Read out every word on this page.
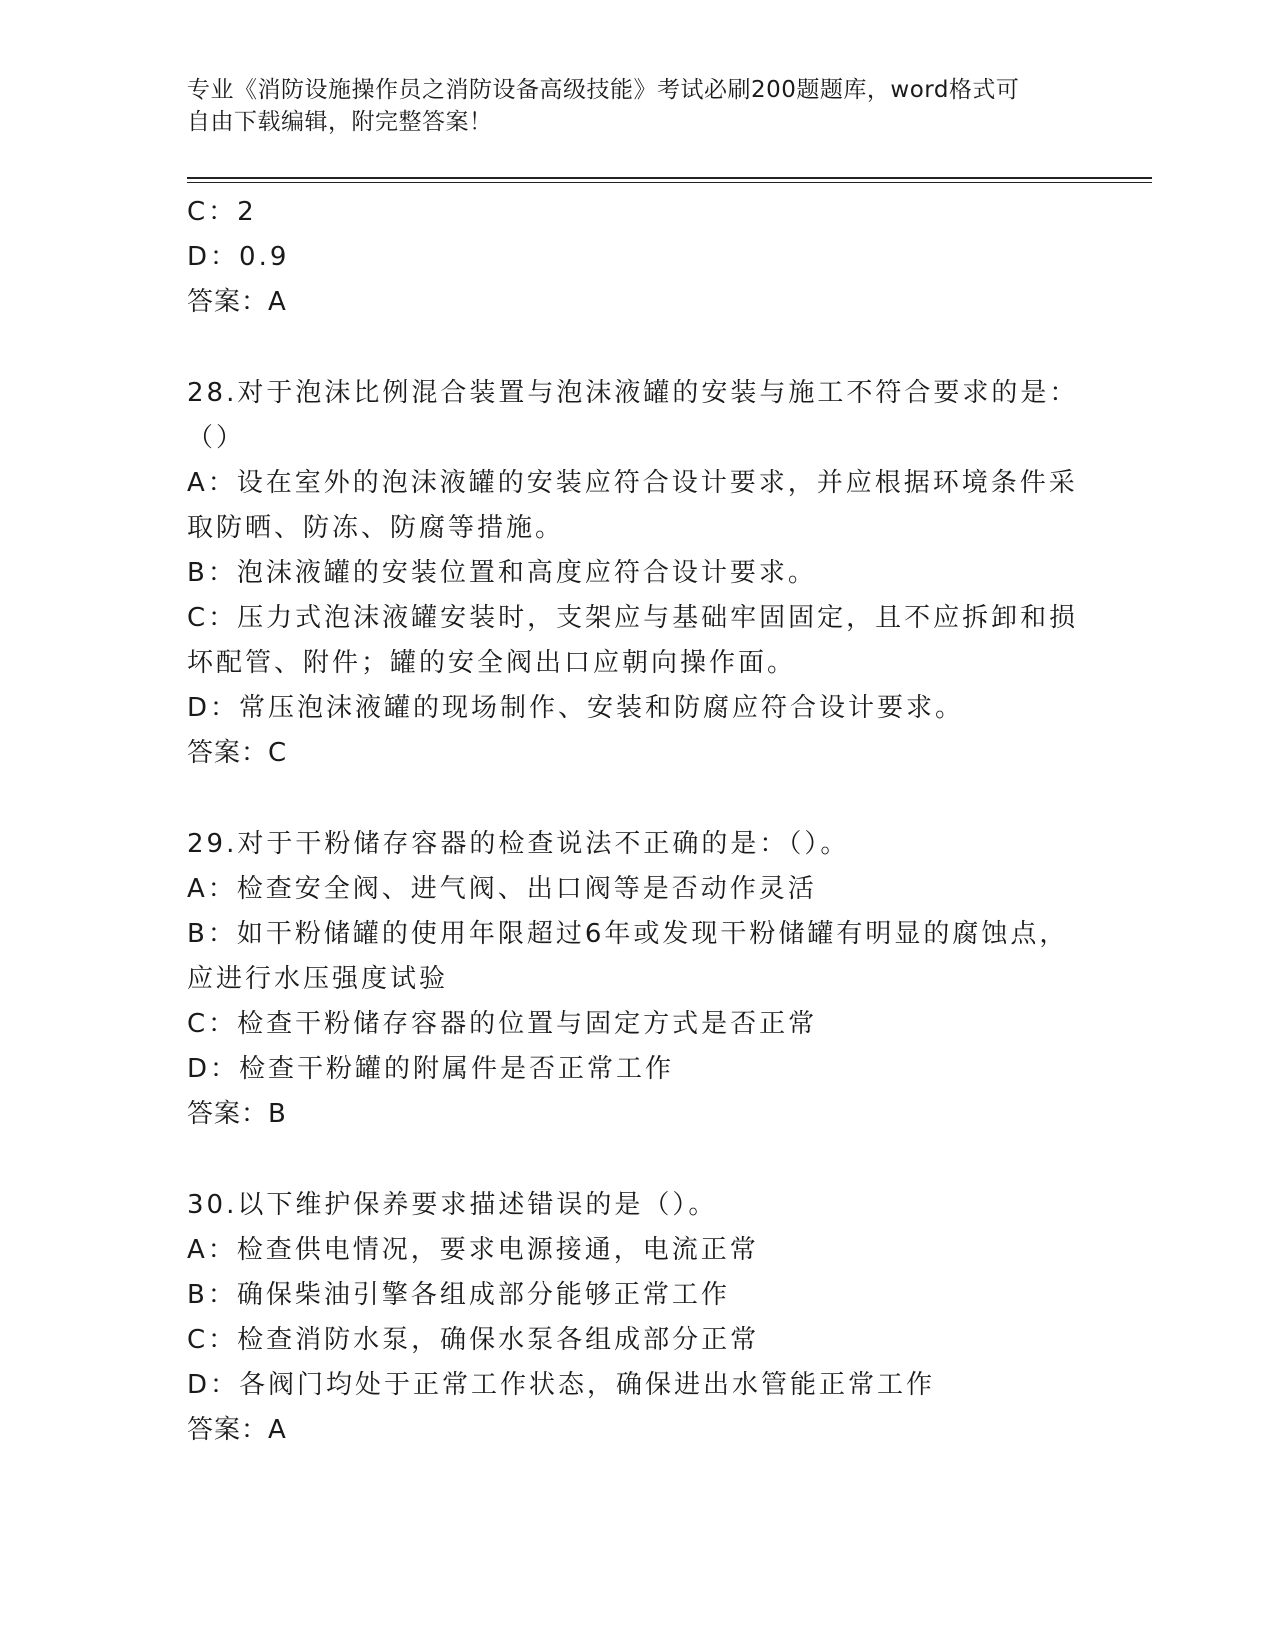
专业《消防设施操作员之消防设备高级技能》考试必刷200题题库，word格式可
自由下载编辑，附完整答案！
C：2
D：0.9
答案：A
28.对于泡沫比例混合装置与泡沫液罐的安装与施工不符合要求的是：
（）
A：设在室外的泡沫液罐的安装应符合设计要求，并应根据环境条件采
取防晒、防冻、防腐等措施。
B：泡沫液罐的安装位置和高度应符合设计要求。
C：压力式泡沫液罐安装时，支架应与基础牢固固定，且不应拆卸和损
坏配管、附件；罐的安全阀出口应朝向操作面。
D：常压泡沫液罐的现场制作、安装和防腐应符合设计要求。
答案：C
29.对于干粉储存容器的检查说法不正确的是：（）。
A：检查安全阀、进气阀、出口阀等是否动作灵活
B：如干粉储罐的使用年限超过6年或发现干粉储罐有明显的腐蚀点，
应进行水压强度试验
C：检查干粉储存容器的位置与固定方式是否正常
D：检查干粉罐的附属件是否正常工作
答案：B
30.以下维护保养要求描述错误的是（）。
A：检查供电情况，要求电源接通，电流正常
B：确保柴油引擎各组成部分能够正常工作
C：检查消防水泵，确保水泵各组成部分正常
D：各阀门均处于正常工作状态，确保进出水管能正常工作
答案：A
